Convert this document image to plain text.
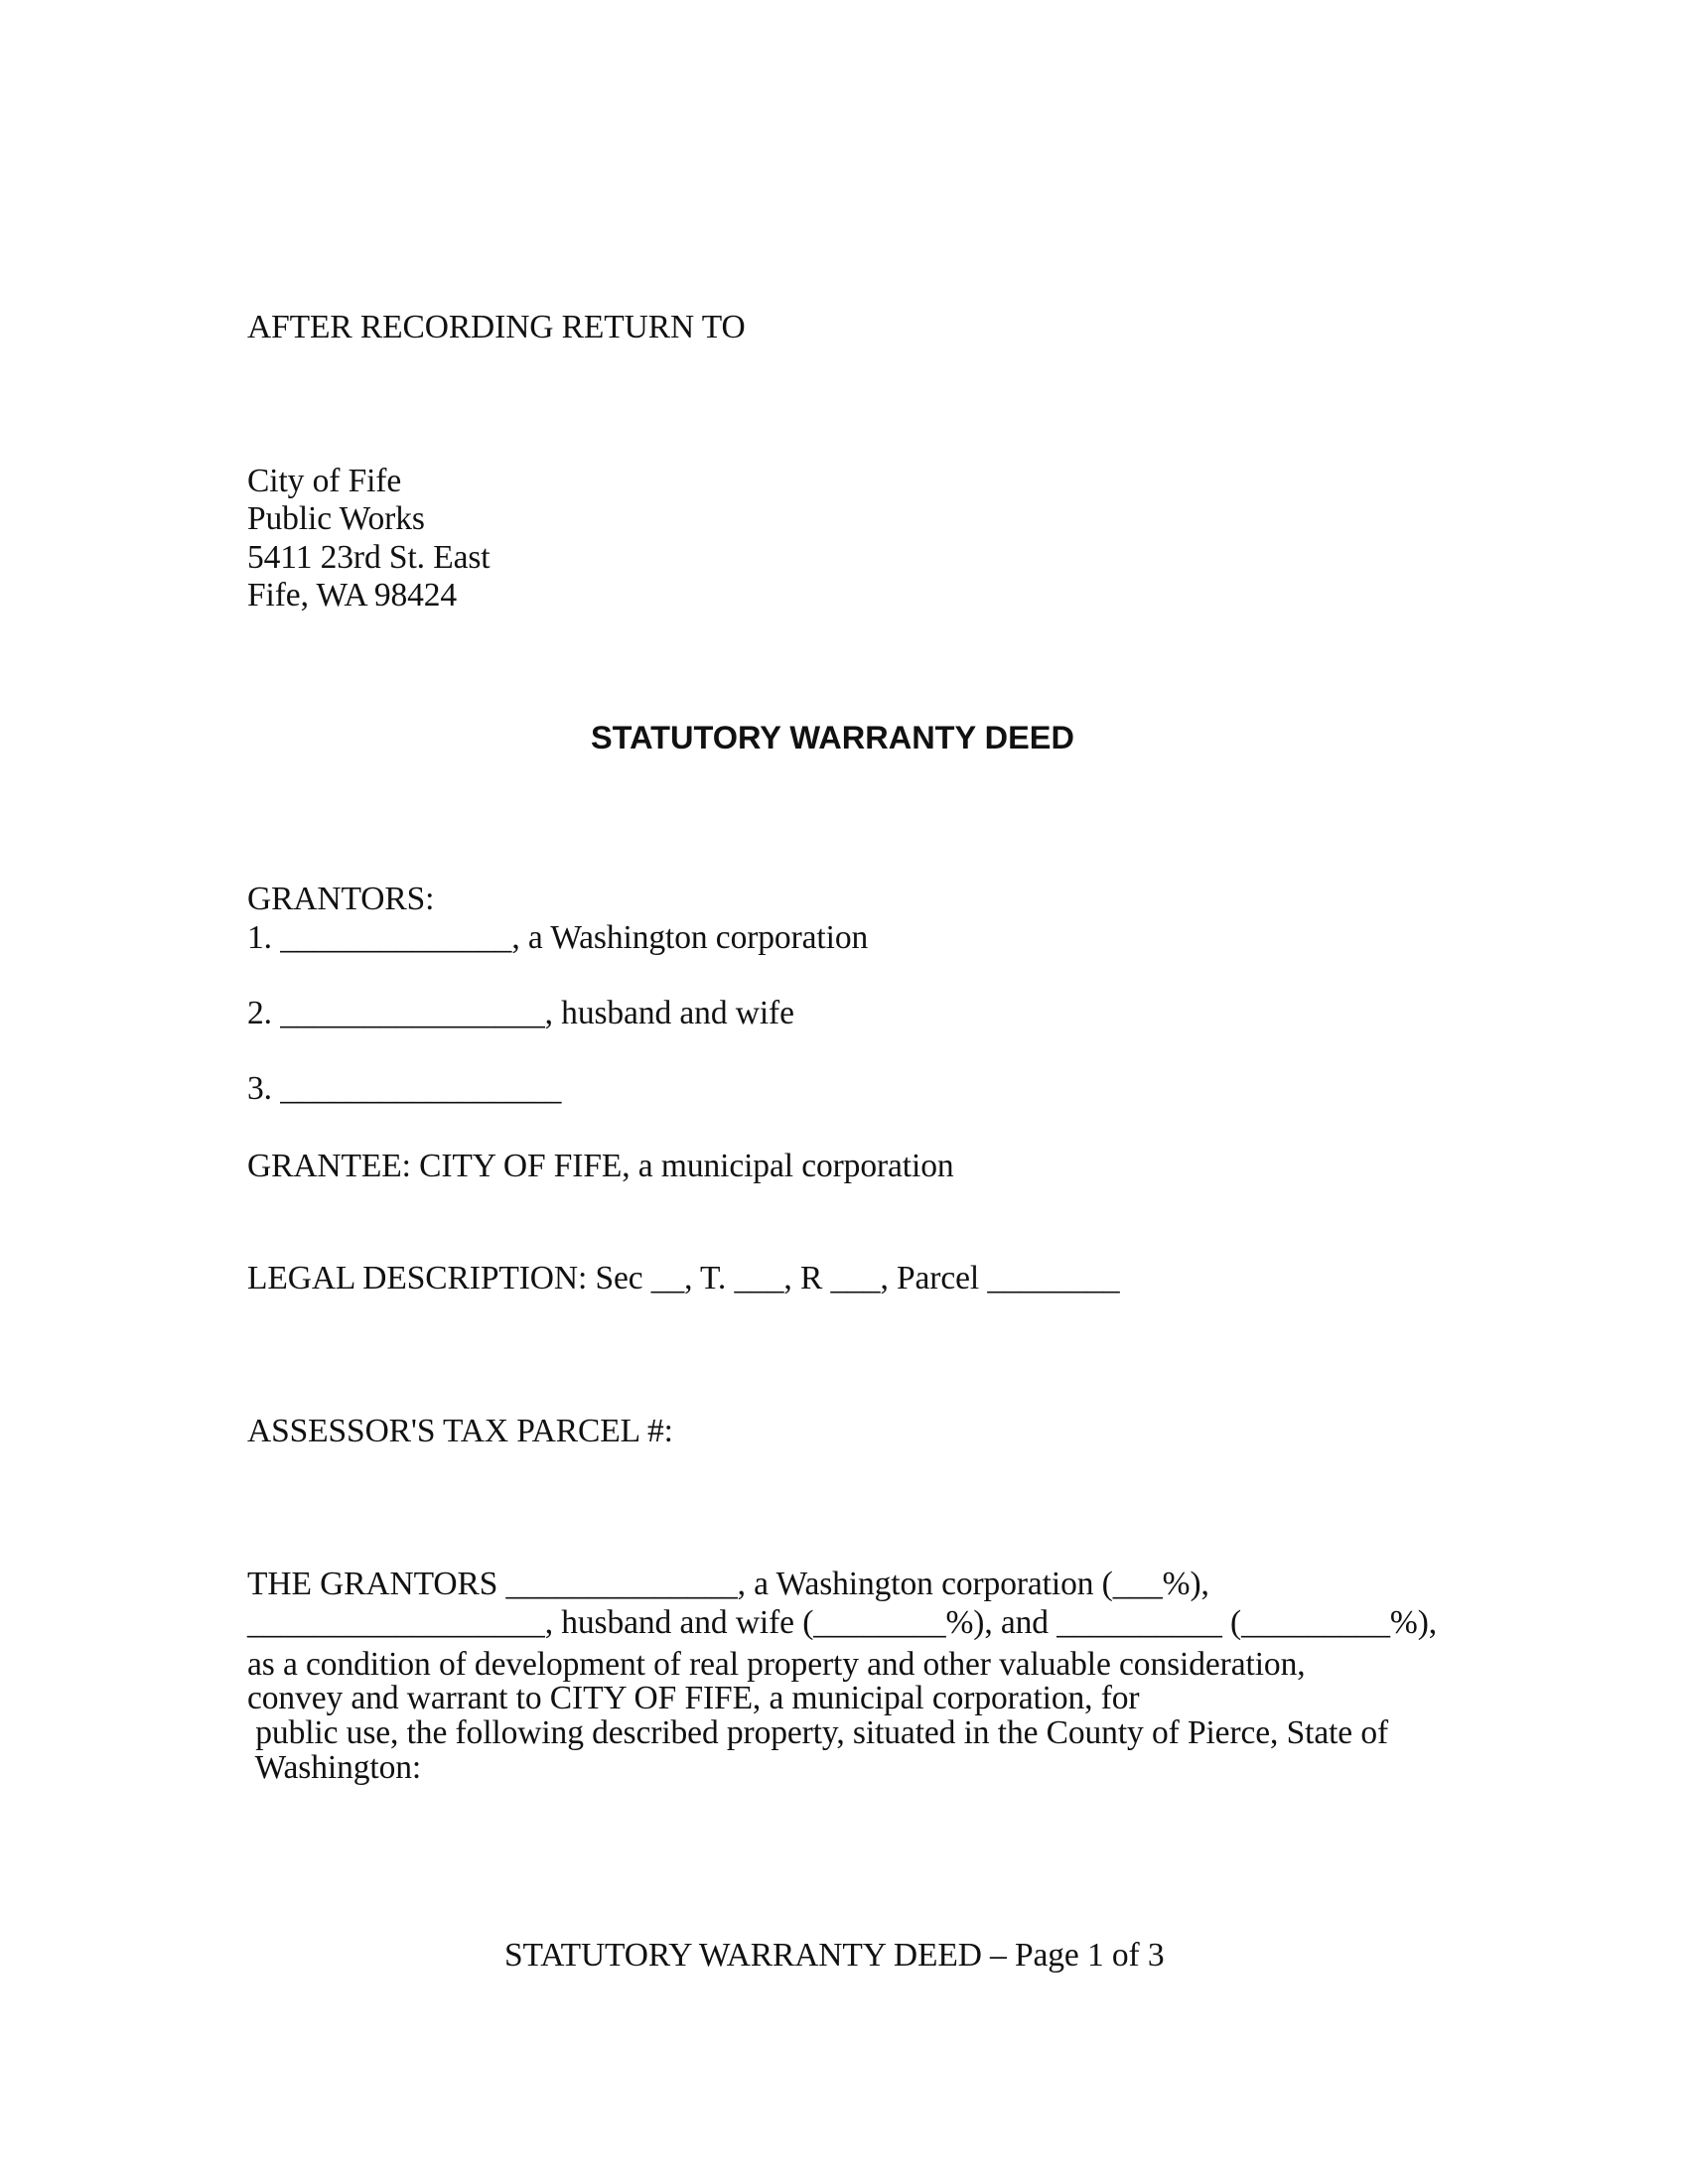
AFTER RECORDING RETURN TO
City of Fife
Public Works
5411 23rd St. East
Fife, WA 98424
STATUTORY WARRANTY DEED
GRANTORS:
1. ______________, a Washington corporation
2. ________________, husband and wife
3. _________________
GRANTEE: CITY OF FIFE, a municipal corporation
LEGAL DESCRIPTION: Sec __, T. ___, R ___, Parcel ________
ASSESSOR'S TAX PARCEL #:
THE GRANTORS ______________, a Washington corporation (___%),
__________________, husband and wife (________%), and __________ (_________%),
as a condition of development of real property and other valuable consideration,
convey and warrant to CITY OF FIFE, a municipal corporation, for
public use, the following described property, situated in the County of Pierce, State of
Washington:
STATUTORY WARRANTY DEED – Page 1 of 3
